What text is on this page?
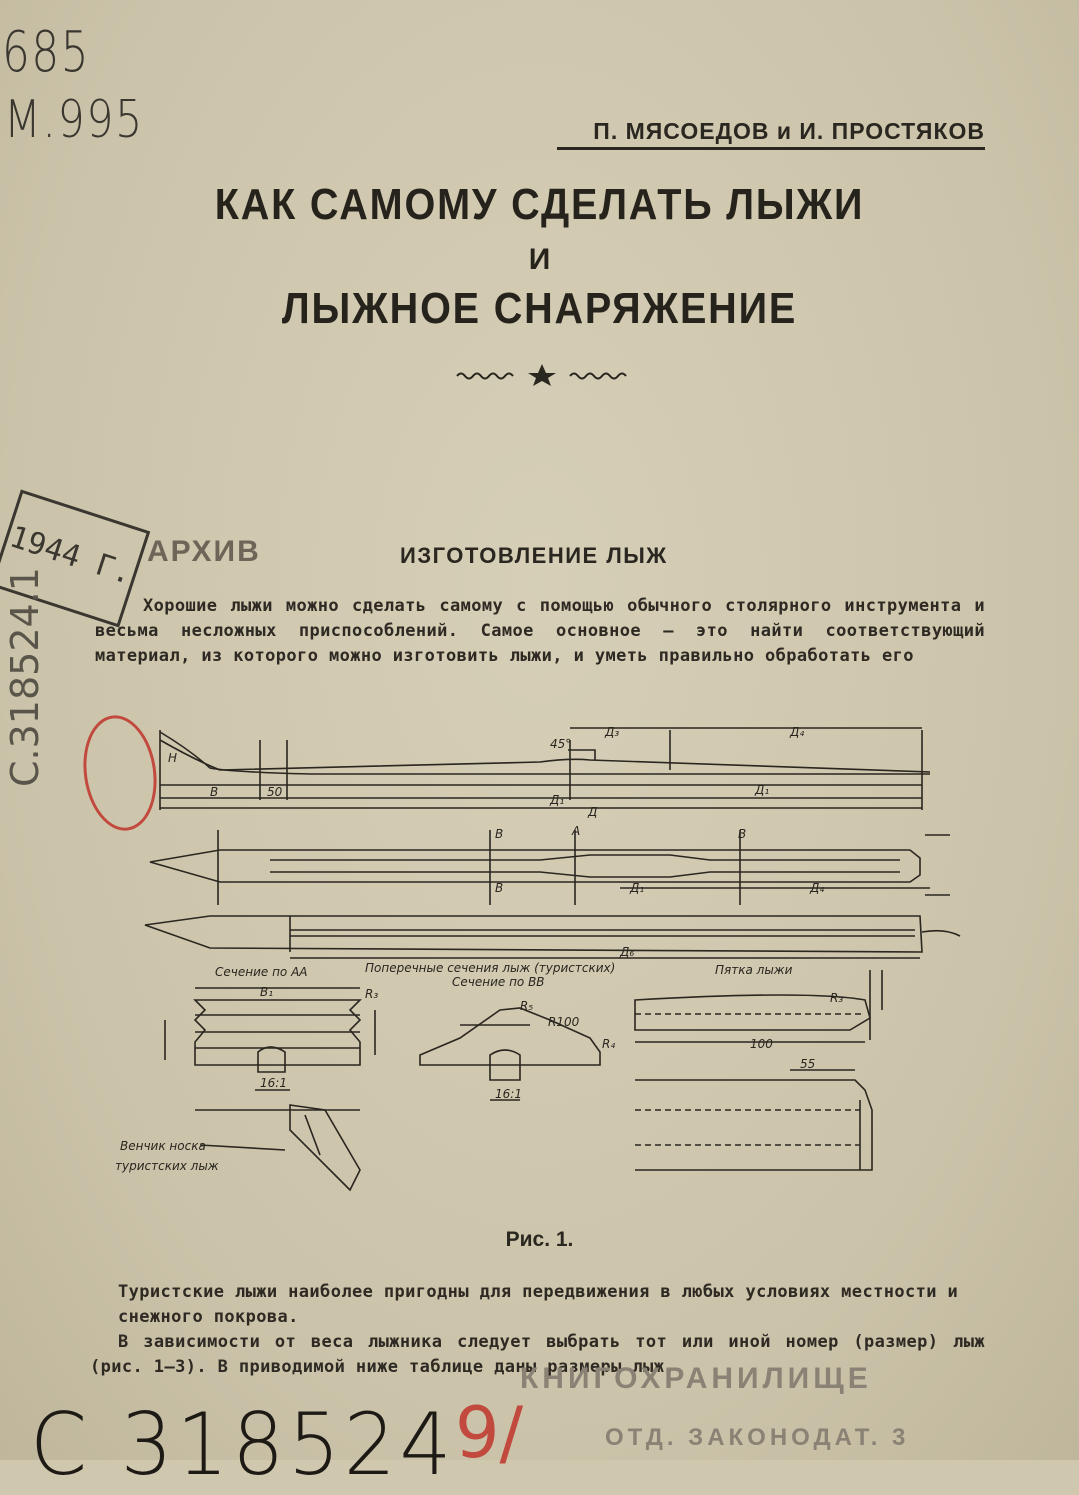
685
M.995	П. МЯСОЕДОВ и И. ПРОСТЯКОВ
КАК САМОМУ СДЕЛАТЬ ЛЫЖИ
И
ЛЫЖНОЕ СНАРЯЖЕНИЕ
1944 Г. АРХИВ
С.318524.1
ИЗГОТОВЛЕНИЕ ЛЫЖ
Хорошие лыжи можно сделать самому с помощью обычного столярного инструмента и весьма несложных приспособлений. Самое основное — это найти соответствующий материал, из которого можно изготовить лыжи, и уметь правильно обработать его
Н
В	50
45°
Д₃	Д₄
Д₁
Д₁
Д
В	А	В
В	Д₁	Д₄
Д₆
Сечение по АА	Поперечные сечения лыж (туристских)
Сечение по ВВ
Пятка лыжи
В₁	R₃
16:1
R₅
R100
R₄
16:1
R₃
100
55
Венчик носка
туристских лыж
Рис. 1.
Туристские лыжи наиболее пригодны для передвижения в любых условиях местности и снежного покрова.
В зависимости от веса лыжника следует выбрать тот или иной номер (размер) лыж (рис. 1—3). В приводимой ниже таблице даны размеры лыж.
КНИГОХРАНИЛИЩЕ
ОТД. ЗАКОНОДАТ. 3
С 318524 9/
